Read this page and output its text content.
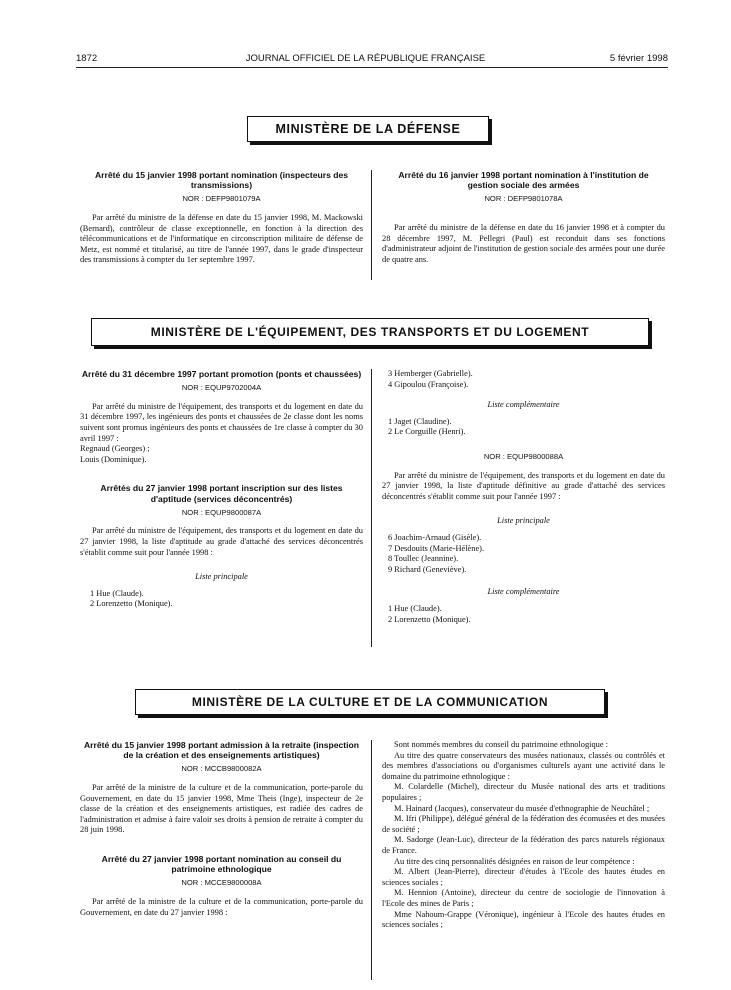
1872	JOURNAL OFFICIEL DE LA RÉPUBLIQUE FRANÇAISE	5 février 1998
MINISTÈRE DE LA DÉFENSE
Arrêté du 15 janvier 1998 portant nomination (inspecteurs des transmissions)
NOR : DEFP9801079A

Par arrêté du ministre de la défense en date du 15 janvier 1998, M. Mackowski (Bernard), contrôleur de classe exceptionnelle, en fonction à la direction des télécommunications et de l'informatique en circonscription militaire de défense de Metz, est nommé et titularisé, au titre de l'année 1997, dans le grade d'inspecteur des transmissions à compter du 1er septembre 1997.

Arrêté du 16 janvier 1998 portant nomination à l'institution de gestion sociale des armées
NOR : DEFP9801078A

Par arrêté du ministre de la défense en date du 16 janvier 1998 et à compter du 28 décembre 1997, M. Pellegri (Paul) est reconduit dans ses fonctions d'administrateur adjoint de l'institution de gestion sociale des armées pour une durée de quatre ans.

MINISTÈRE DE L'ÉQUIPEMENT, DES TRANSPORTS ET DU LOGEMENT
Arrêté du 31 décembre 1997 portant promotion (ponts et chaussées)
NOR : EQUP9702004A

Par arrêté du ministre de l'équipement, des transports et du logement en date du 31 décembre 1997, les ingénieurs des ponts et chaussées de 2e classe dont les noms suivent sont promus ingénieurs des ponts et chaussées de 1re classe à compter du 30 avril 1997 :

Regnaud (Georges) ;

Louis (Dominique).

Arrêtés du 27 janvier 1998 portant inscription sur des listes d'aptitude (services déconcentrés)
NOR : EQUP9800087A

Par arrêté du ministre de l'équipement, des transports et du logement en date du 27 janvier 1998, la liste d'aptitude au grade d'attaché des services déconcentrés s'établit comme suit pour l'année 1998 :

Liste principale

1 Hue (Claude).

2 Lorenzetto (Monique).

3 Hemberger (Gabrielle).

4 Gipoulou (Françoise).

Liste complémentaire

1 Jaget (Claudine).

2 Le Corguille (Henri).

NOR : EQUP9800088A

Par arrêté du ministre de l'équipement, des transports et du logement en date du 27 janvier 1998, la liste d'aptitude définitive au grade d'attaché des services déconcentrés s'établit comme suit pour l'année 1997 :

Liste principale

6 Joachim-Arnaud (Gisèle).

7 Desdouits (Marie-Hélène).

8 Toullec (Jeannine).

9 Richard (Geneviève).

Liste complémentaire

1 Hue (Claude).

2 Lorenzetto (Monique).

MINISTÈRE DE LA CULTURE ET DE LA COMMUNICATION
Arrêté du 15 janvier 1998 portant admission à la retraite (inspection de la création et des enseignements artistiques)
NOR : MCCB9800082A

Par arrêté de la ministre de la culture et de la communication, porte-parole du Gouvernement, en date du 15 janvier 1998, Mme Theis (Inge), inspecteur de 2e classe de la création et des enseignements artistiques, est radiée des cadres de l'administration et admise à faire valoir ses droits à pension de retraite à compter du 28 juin 1998.

Arrêté du 27 janvier 1998 portant nomination au conseil du patrimoine ethnologique
NOR : MCCE9800008A

Par arrêté de la ministre de la culture et de la communication, porte-parole du Gouvernement, en date du 27 janvier 1998 :

Sont nommés membres du conseil du patrimoine ethnologique :

Au titre des quatre conservateurs des musées nationaux, classés ou contrôlés et des membres d'associations ou d'organismes culturels ayant une activité dans le domaine du patrimoine ethnologique :

M. Colardelle (Michel), directeur du Musée national des arts et traditions populaires ;

M. Hainard (Jacques), conservateur du musée d'ethnographie de Neuchâtel ;

M. Ifri (Philippe), délégué général de la fédération des écomusées et des musées de société ;

M. Sadorge (Jean-Luc), directeur de la fédération des parcs naturels régionaux de France.

Au titre des cinq personnalités désignées en raison de leur compétence :

M. Albert (Jean-Pierre), directeur d'études à l'Ecole des hautes études en sciences sociales ;

M. Hennion (Antoine), directeur du centre de sociologie de l'innovation à l'Ecole des mines de Paris ;

Mme Nahoum-Grappe (Véronique), ingénieur à l'Ecole des hautes études en sciences sociales ;
